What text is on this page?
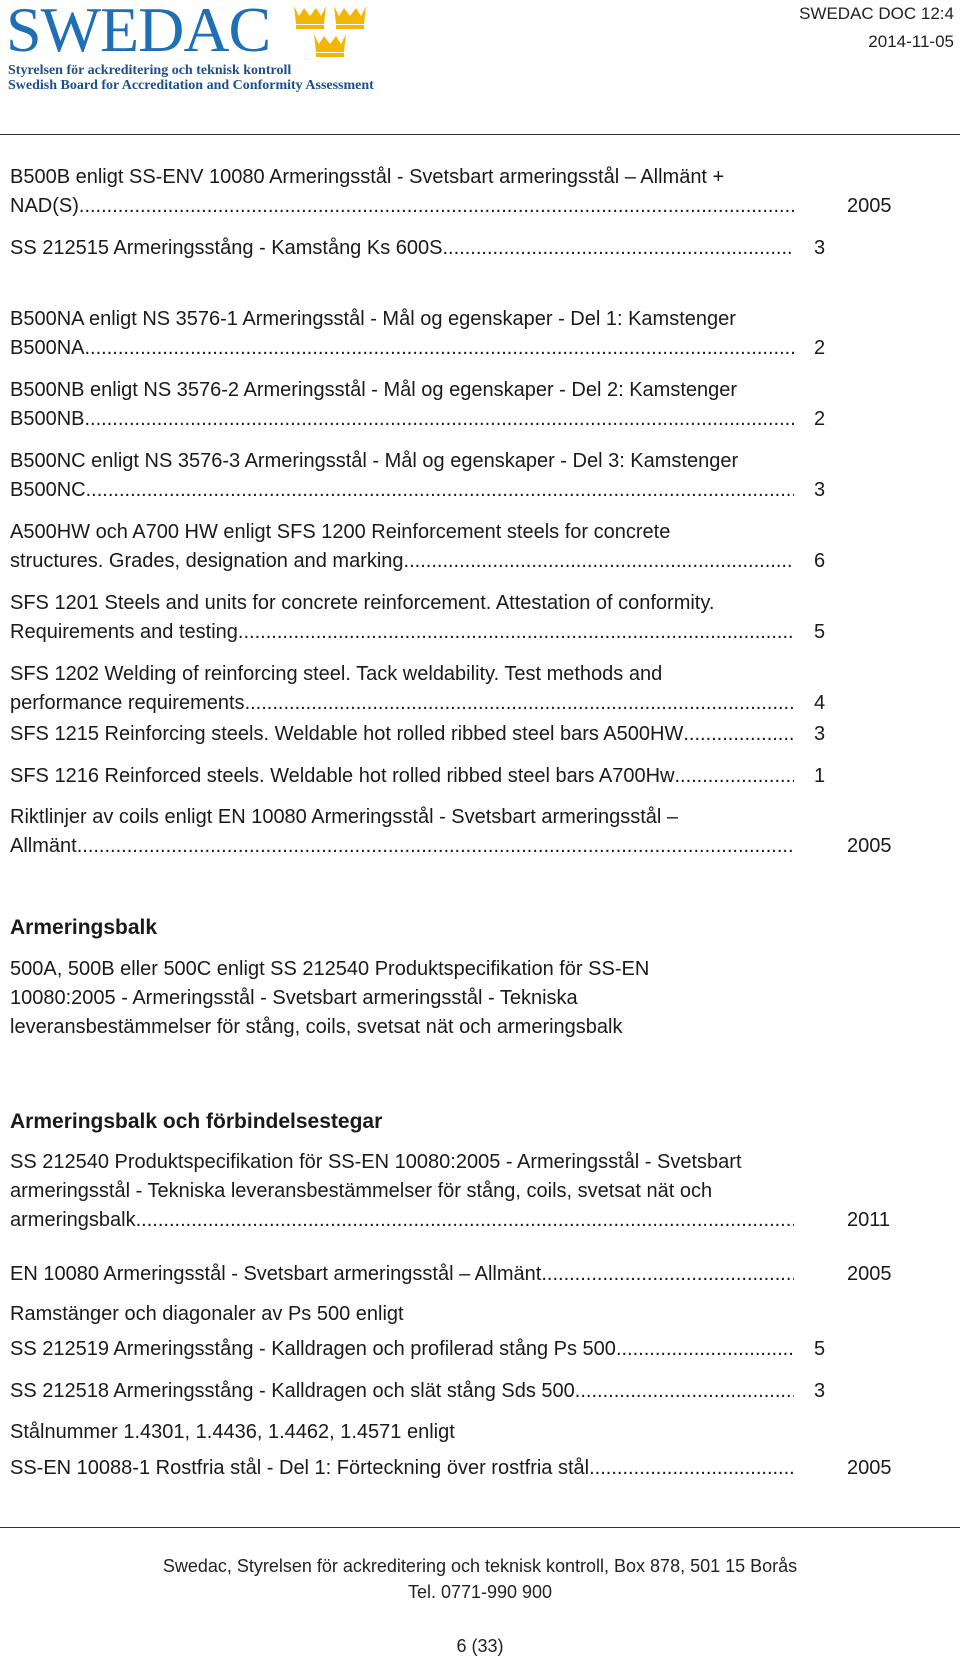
SWEDAC
Styrelsen för ackreditering och teknisk kontroll
Swedish Board for Accreditation and Conformity Assessment
SWEDAC DOC 12:4
2014-11-05
B500B enligt SS-ENV 10080 Armeringsstål - Svetsbart armeringsstål – Allmänt +
NAD(S) .....	2005
SS 212515 Armeringsstång - Kamstång Ks 600S .....	3
B500NA enligt NS 3576-1 Armeringsstål - Mål og egenskaper - Del 1: Kamstenger
B500NA .....	2
B500NB enligt NS 3576-2 Armeringsstål - Mål og egenskaper - Del 2: Kamstenger
B500NB .....	2
B500NC enligt NS 3576-3 Armeringsstål - Mål og egenskaper - Del 3: Kamstenger
B500NC .....	3
A500HW och A700 HW enligt SFS 1200 Reinforcement steels for concrete
structures. Grades, designation and marking .....	6
SFS 1201 Steels and units for concrete reinforcement. Attestation of conformity.
Requirements and testing .....	5
SFS 1202 Welding of reinforcing steel. Tack weldability. Test methods and
performance requirements .....	4
SFS 1215 Reinforcing steels. Weldable hot rolled ribbed steel bars A500HW .....	3
SFS 1216 Reinforced steels. Weldable hot rolled ribbed steel bars A700Hw .....	1
Riktlinjer av coils enligt EN 10080 Armeringsstål - Svetsbart armeringsstål –
Allmänt .....	2005
Armeringsbalk
500A, 500B eller 500C enligt SS 212540 Produktspecifikation för SS-EN
10080:2005 - Armeringsstål - Svetsbart armeringsstål - Tekniska
leveransbestämmelser för stång, coils, svetsat nät och armeringsbalk
Armeringsbalk och förbindelsestegar
SS 212540 Produktspecifikation för SS-EN 10080:2005 - Armeringsstål - Svetsbart
armeringsstål - Tekniska leveransbestämmelser för stång, coils, svetsat nät och
armeringsbalk .....	2011
EN 10080 Armeringsstål - Svetsbart armeringsstål – Allmänt .....	2005
Ramstänger och diagonaler av Ps 500 enligt
SS 212519 Armeringsstång - Kalldragen och profilerad stång Ps 500 .....	5
SS 212518 Armeringsstång - Kalldragen och slät stång Sds 500 .....	3
Stålnummer 1.4301, 1.4436, 1.4462, 1.4571 enligt
SS-EN 10088-1 Rostfria stål - Del 1: Förteckning över rostfria stål .....	2005
Swedac, Styrelsen för ackreditering och teknisk kontroll, Box 878, 501 15 Borås
Tel. 0771-990 900
6 (33)
